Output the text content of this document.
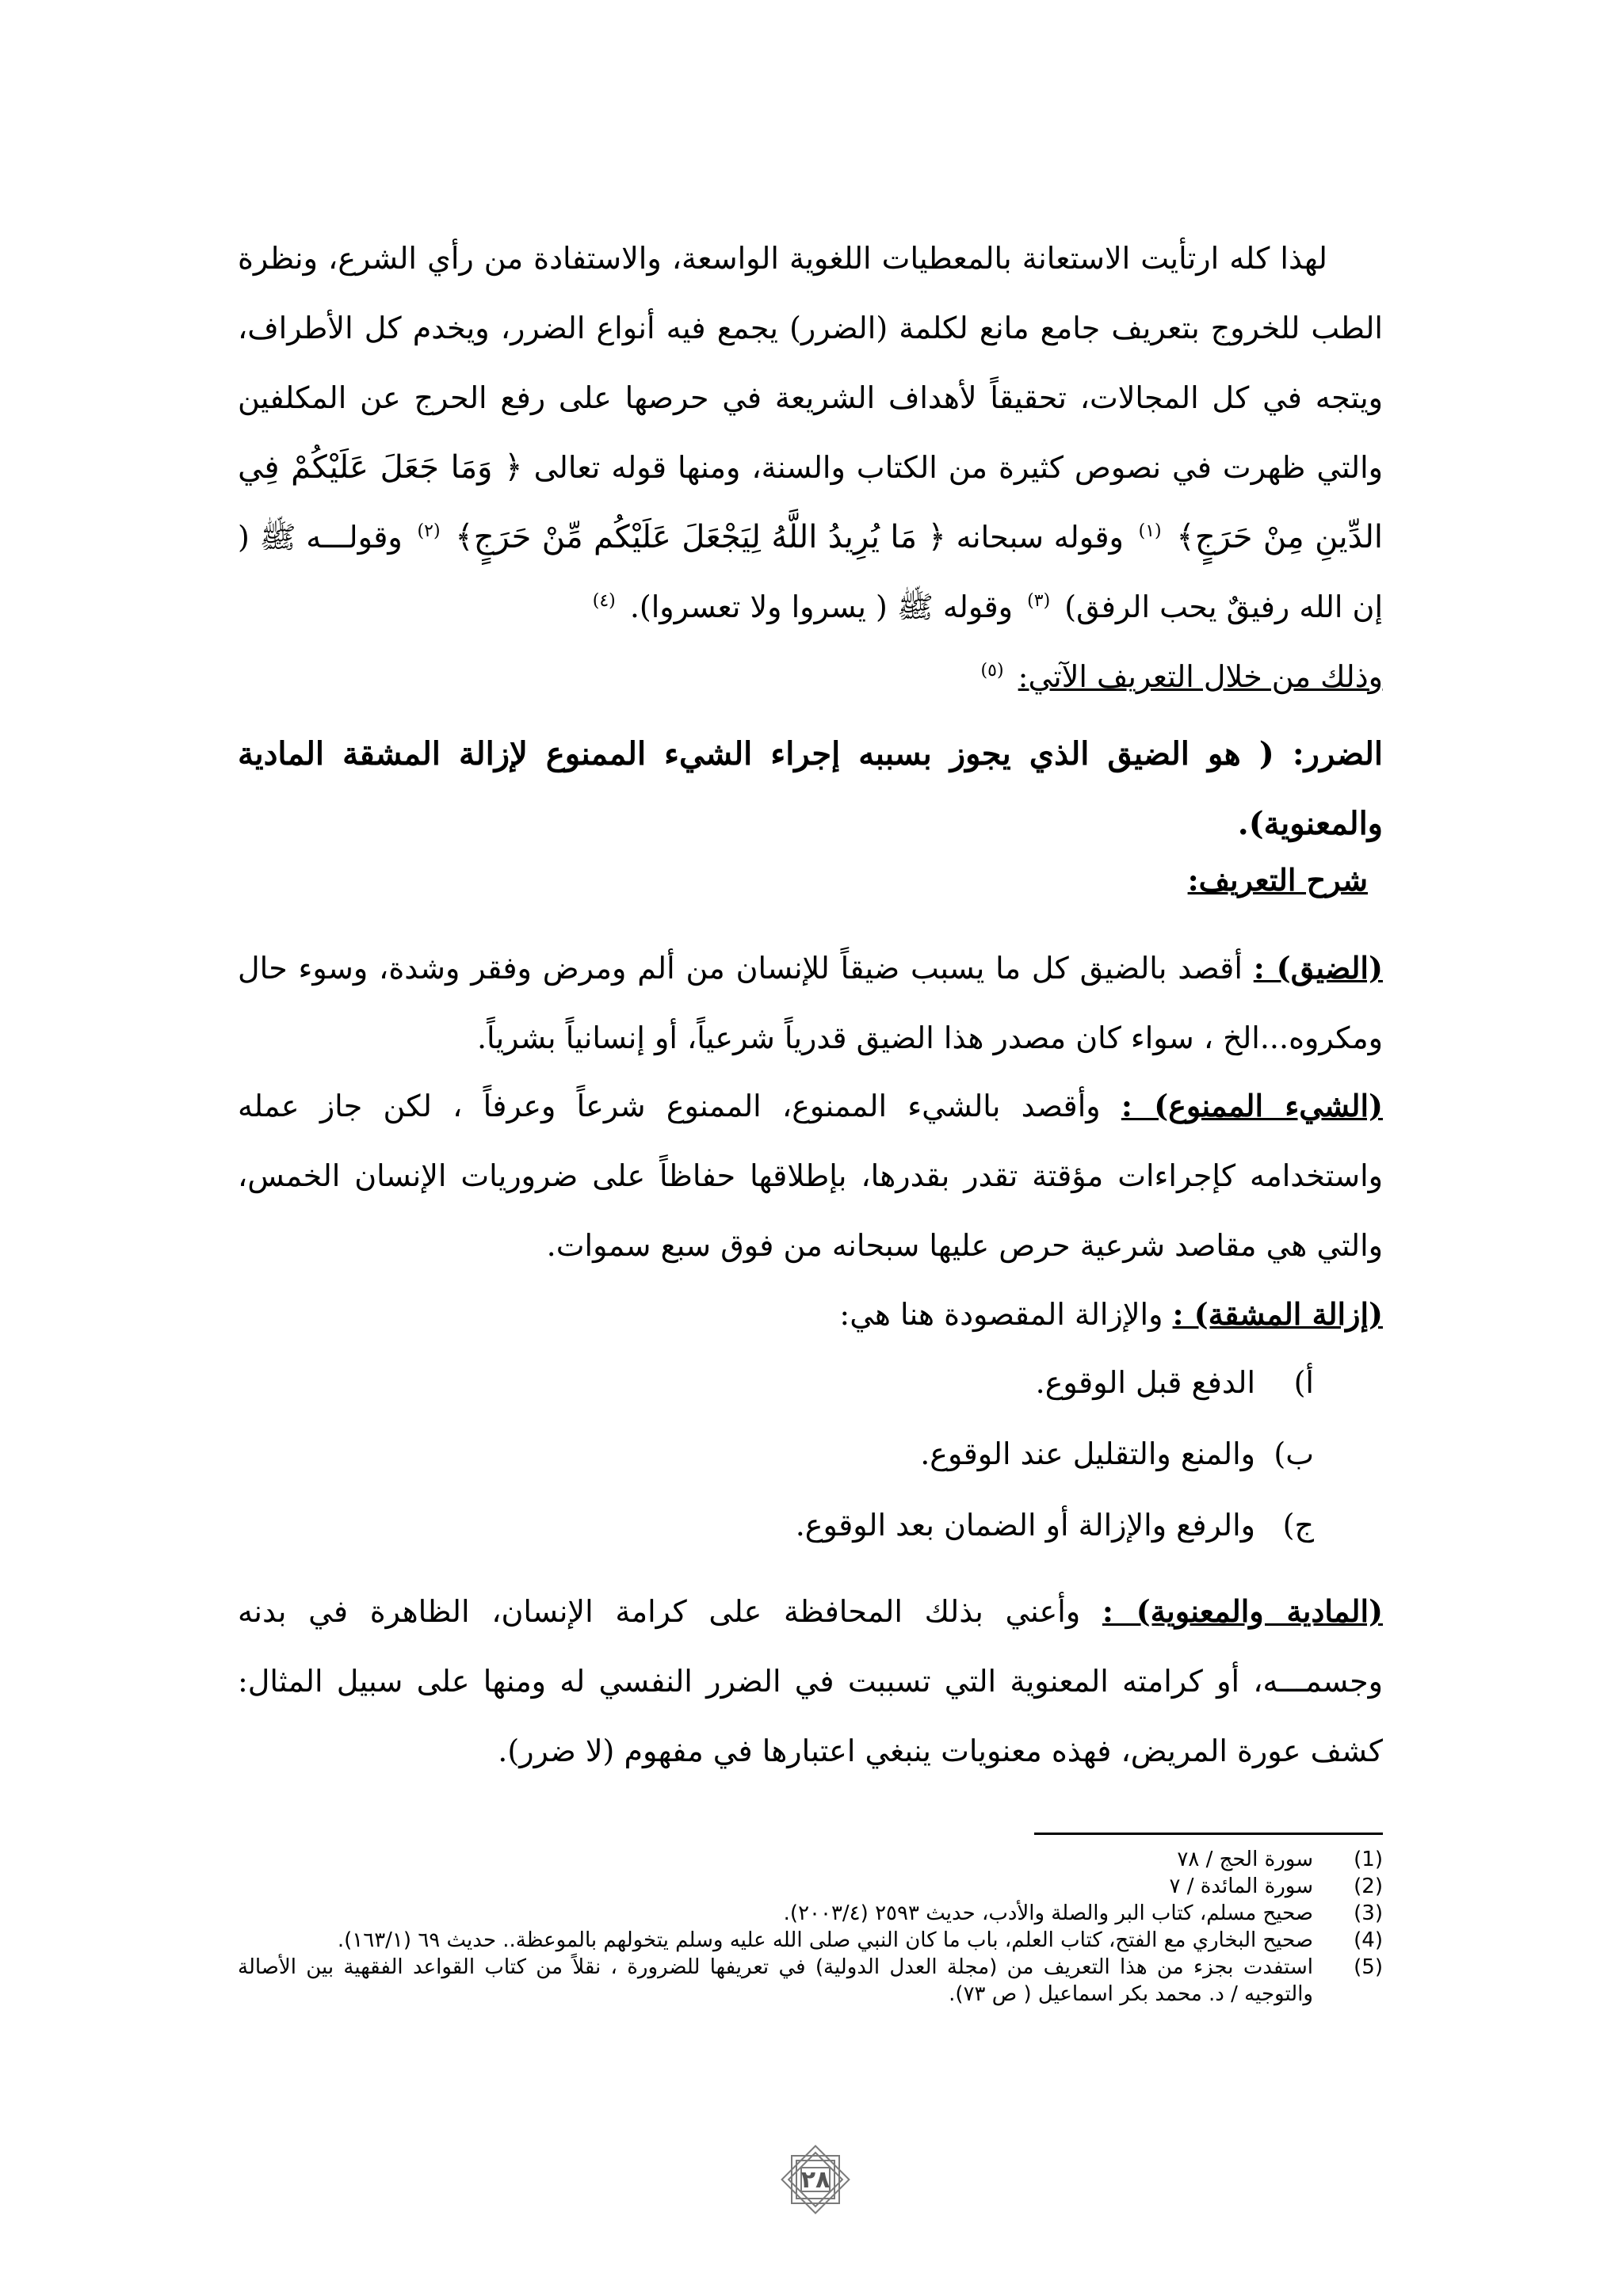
لهذا كله ارتأيت الاستعانة بالمعطيات اللغوية الواسعة، والاستفادة من رأي الشرع، ونظرة الطب للخروج بتعريف جامع مانع لكلمة (الضرر) يجمع فيه أنواع الضرر، ويخدم كل الأطراف، ويتجه في كل المجالات، تحقيقاً لأهداف الشريعة في حرصها على رفع الحرج عن المكلفين والتي ظهرت في نصوص كثيرة من الكتاب والسنة، ومنها قوله تعالى ﴿ وَمَا جَعَلَ عَلَيْكُمْ فِي الدِّينِ مِنْ حَرَجٍ﴾ $^{(١)}$ وقوله سبحانه ﴿ مَا يُرِيدُ اللَّهُ لِيَجْعَلَ عَلَيْكُم مِّنْ حَرَجٍ﴾ $^{(٢)}$ وقولـــه ﷺ ( إن الله رفيقٌ يحب الرفق) $^{(٣)}$ وقوله ﷺ ( يسروا ولا تعسروا). $^{(٤)}$
وذلك من خلال التعريف الآتي: $^{(٥)}$

الضرر: ( هو الضيق الذي يجوز بسببه إجراء الشيء الممنوع لإزالة المشقة المادية والمعنوية).

شرح التعريف:

(الضيق) : أقصد بالضيق كل ما يسبب ضيقاً للإنسان من ألم ومرض وفقر وشدة، وسوء حال ومكروه...الخ ، سواء كان مصدر هذا الضيق قدرياً شرعياً، أو إنسانياً بشرياً.

(الشيء الممنوع) : وأقصد بالشيء الممنوع، الممنوع شرعاً وعرفاً ، لكن جاز عمله واستخدامه كإجراءات مؤقتة تقدر بقدرها، بإطلاقها حفاظاً على ضروريات الإنسان الخمس، والتي هي مقاصد شرعية حرص عليها سبحانه من فوق سبع سموات.

(إزالة المشقة) : والإزالة المقصودة هنا هي:

أ)
الدفع قبل الوقوع.
ب)
والمنع والتقليل عند الوقوع.
ج)
والرفع والإزالة أو الضمان بعد الوقوع.

(المادية والمعنوية) : وأعني بذلك المحافظة على كرامة الإنسان، الظاهرة في بدنه وجسمـــه، أو كرامته المعنوية التي تسببت في الضرر النفسي له ومنها على سبيل المثال: كشف عورة المريض، فهذه معنويات ينبغي اعتبارها في مفهوم (لا ضرر).

(1)
سورة الحج / ٧٨
(2)
سورة المائدة / ٧
(3)
صحيح مسلم، كتاب البر والصلة والأدب، حديث ٢٥٩٣ (٢٠٠٣/٤).
(4)
صحيح البخاري مع الفتح، كتاب العلم، باب ما كان النبي صلى الله عليه وسلم يتخولهم بالموعظة.. حديث ٦٩ (١٦٣/١).
(5)
استفدت بجزء من هذا التعريف من (مجلة العدل الدولية) في تعريفها للضرورة ، نقلاً من كتاب القواعد الفقهية بين الأصالة والتوجيه / د. محمد بكر اسماعيل ( ص ٧٣).
٢٨
